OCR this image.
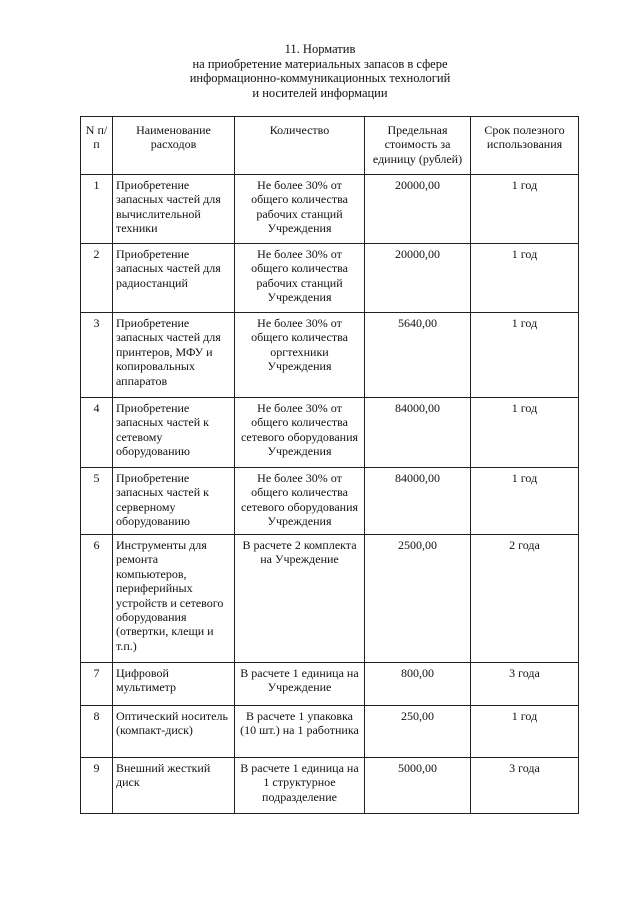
11. Норматив
на приобретение материальных запасов в сфере
информационно-коммуникационных технологий
и носителей информации
N п/п	Наименование расходов	Количество	Предельная стоимость за единицу (рублей)	Срок полезного использования
1	Приобретение запасных частей для вычислительной техники	Не более 30% от общего количества рабочих станций Учреждения	20000,00	1 год
2	Приобретение запасных частей для радиостанций	Не более 30% от общего количества рабочих станций Учреждения	20000,00	1 год
3	Приобретение запасных частей для принтеров, МФУ и копировальных аппаратов	Не более 30% от общего количества оргтехники Учреждения	5640,00	1 год
4	Приобретение запасных частей к сетевому оборудованию	Не более 30% от общего количества сетевого оборудования Учреждения	84000,00	1 год
5	Приобретение запасных частей к серверному оборудованию	Не более 30% от общего количества сетевого оборудования Учреждения	84000,00	1 год
6	Инструменты для ремонта компьютеров, периферийных устройств и сетевого оборудования (отвертки, клещи и т.п.)	В расчете 2 комплекта на Учреждение	2500,00	2 года
7	Цифровой мультиметр	В расчете 1 единица на Учреждение	800,00	3 года
8	Оптический носитель (компакт-диск)	В расчете 1 упаковка (10 шт.) на 1 работника	250,00	1 год
9	Внешний жесткий диск	В расчете 1 единица на 1 структурное подразделение	5000,00	3 года
